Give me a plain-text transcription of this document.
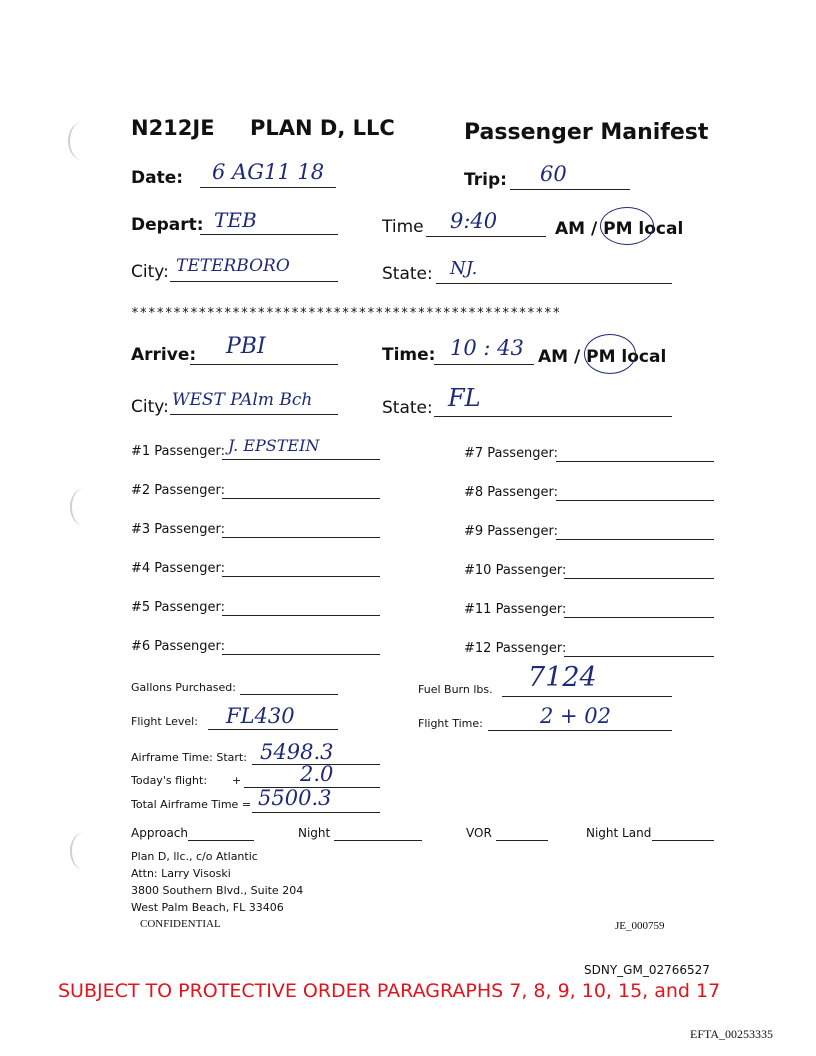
N212JE PLAN D, LLC	Passenger Manifest
Date: 6 AG11 18	Trip: 60
Depart: TEB	Time 9:40	AM / PM local
City: TETERBORO	State: NJ.
***************************************************
Arrive: PBI	Time: 10 : 43 AM / PM local
City: WEST PAlm Bch	State: FL
#1 Passenger: J. EPSTEIN
#2 Passenger:
#3 Passenger:
#4 Passenger:
#5 Passenger:
#6 Passenger:
#7 Passenger:
#8 Passenger:
#9 Passenger:
#10 Passenger:
#11 Passenger:
#12 Passenger:
Gallons Purchased:	Fuel Burn lbs. 7124
Flight Level: FL430	Flight Time:	2 + 02
Airframe Time: Start: 5498.3
Today's flight: +	2.0
Total Airframe Time = 5500.3
Approach	Night	VOR	Night Land
Plan D, llc., c/o Atlantic
Attn: Larry Visoski
3800 Southern Blvd., Suite 204
West Palm Beach, FL 33406
CONFIDENTIAL	JE_000759
SDNY_GM_02766527
SUBJECT TO PROTECTIVE ORDER PARAGRAPHS 7, 8, 9, 10, 15, and 17
EFTA_00253335
